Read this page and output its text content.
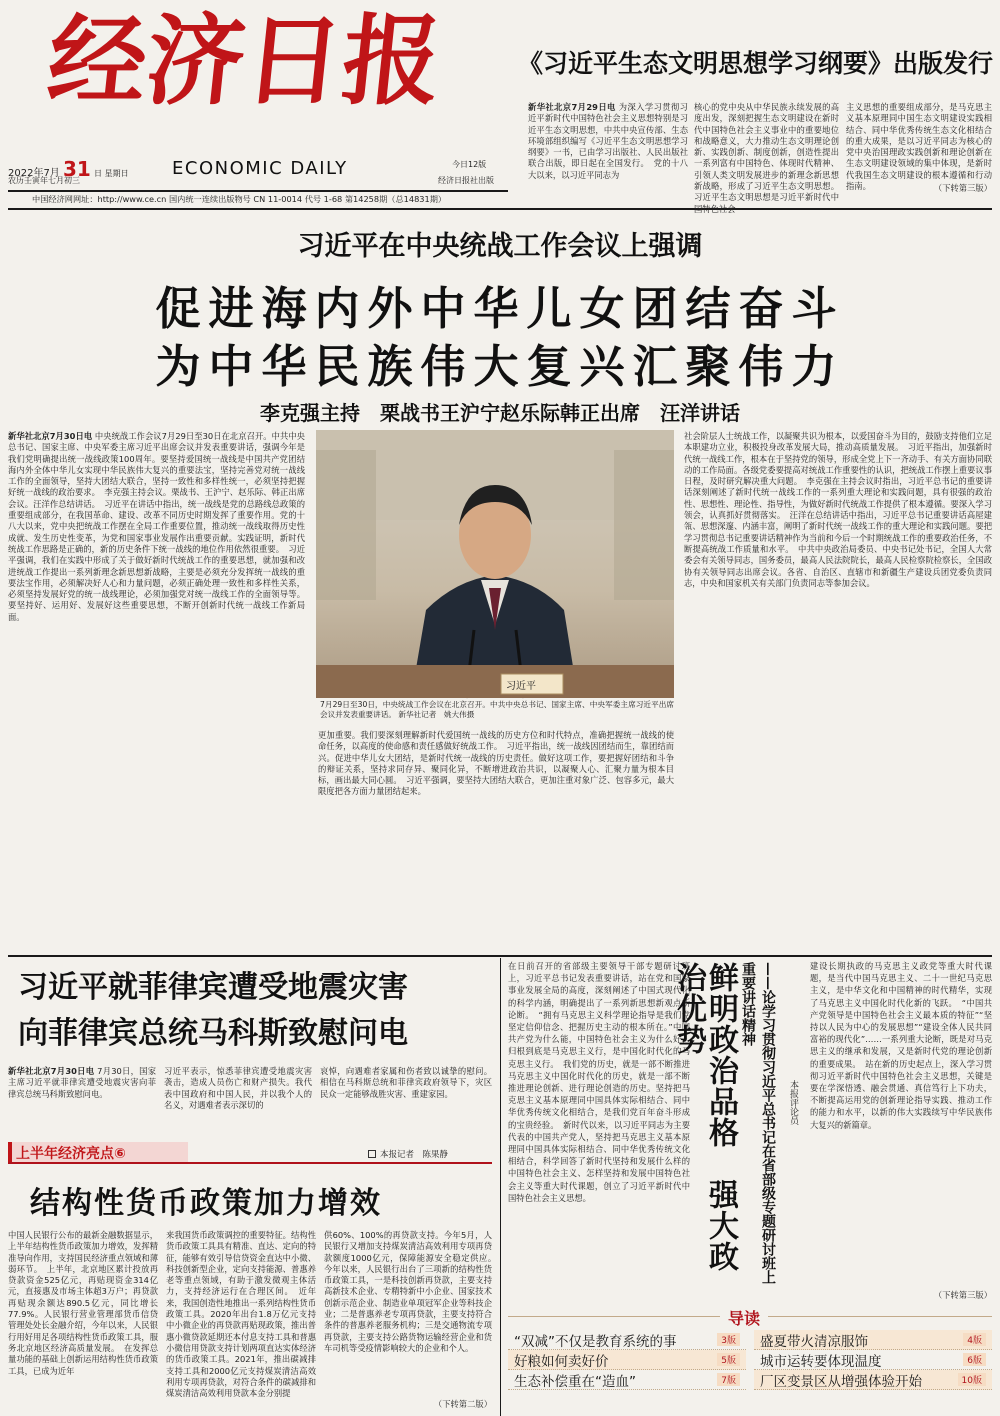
经济日报
ECONOMIC DAILY
2022年7月 31 日 星期日
农历壬寅年七月初三
今日12版
经济日报社出版
中国经济网网址：http://www.ce.cn 国内统一连续出版物号 CN 11-0014 代号 1-68 第14258期（总14831期）
《习近平生态文明思想学习纲要》出版发行
新华社北京7月29日电 为深入学习贯彻习近平新时代中国特色社会主义思想特别是习近平生态文明思想，中共中央宣传部、生态环境部组织编写《习近平生态文明思想学习纲要》一书，已由学习出版社、人民出版社联合出版，即日起在全国发行。　党的十八大以来，以习近平同志为
核心的党中央从中华民族永续发展的高度出发，深刻把握生态文明建设在新时代中国特色社会主义事业中的重要地位和战略意义，大力推动生态文明理论创新、实践创新、制度创新，创造性提出一系列富有中国特色、体现时代精神、引领人类文明发展进步的新理念新思想新战略，形成了习近平生态文明思想。习近平生态文明思想是习近平新时代中国特色社会
主义思想的重要组成部分，是马克思主义基本原理同中国生态文明建设实践相结合、同中华优秀传统生态文化相结合的重大成果，是以习近平同志为核心的党中央治国理政实践创新和理论创新在生态文明建设领域的集中体现，是新时代我国生态文明建设的根本遵循和行动指南。	（下转第三版）
习近平在中央统战工作会议上强调
促进海内外中华儿女团结奋斗
为中华民族伟大复兴汇聚伟力
李克强主持　栗战书王沪宁赵乐际韩正出席　汪洋讲话
新华社北京7月30日电 中央统战工作会议7月29日至30日在北京召开。中共中央总书记、国家主席、中央军委主席习近平出席会议并发表重要讲话，强调今年是我们党明确提出统一战线政策100周年。要坚持爱国统一战线是中国共产党团结海内外全体中华儿女实现中华民族伟大复兴的重要法宝，坚持完善党对统一战线工作的全面领导，坚持大团结大联合，坚持一致性和多样性统一，必须坚持把握好统一战线的政治要求。　李克强主持会议。栗战书、王沪宁、赵乐际、韩正出席会议。汪洋作总结讲话。　习近平在讲话中指出，统一战线是党的总路线总政策的重要组成部分，在我国革命、建设、改革不同历史时期发挥了重要作用。党的十八大以来，党中央把统战工作摆在全局工作重要位置，推动统一战线取得历史性成就、发生历史性变革，为党和国家事业发展作出重要贡献。实践证明，新时代统战工作思路是正确的，新的历史条件下统一战线的地位作用依然很重要。　习近平强调，我们在实践中形成了关于做好新时代统战工作的重要思想，就加强和改进统战工作提出一系列新理念新思想新战略，主要是必须充分发挥统一战线的重要法宝作用，必须解决好人心和力量问题，必须正确处理一致性和多样性关系，必须坚持发展好党的统一战线理论，必须加强党对统一战线工作的全面领导等。要坚持好、运用好、发展好这些重要思想，不断开创新时代统一战线工作新局面。
习近平
7月29日至30日，中央统战工作会议在北京召开。中共中央总书记、国家主席、中央军委主席习近平出席会议并发表重要讲话。 新华社记者　姚大伟摄
更加重要。我们要深刻理解新时代爱国统一战线的历史方位和时代特点，准确把握统一战线的使命任务，以高度的使命感和责任感做好统战工作。　习近平指出，统一战线因团结而生，靠团结而兴。促进中华儿女大团结，是新时代统一战线的历史责任。做好这项工作，要把握好团结和斗争的辩证关系，坚持求同存异、聚同化异，不断增进政治共识，以凝聚人心、汇聚力量为根本目标，画出最大同心圆。　习近平强调，要坚持大团结大联合，更加注重对象广泛、包容多元，最大限度把各方面力量团结起来。
社会阶层人士统战工作，以凝聚共识为根本，以爱国奋斗为目的，鼓励支持他们立足本职建功立业，积极投身改革发展大局，推动高质量发展。　习近平指出，加强新时代统一战线工作，根本在于坚持党的领导，形成全党上下一齐动手、有关方面协同联动的工作局面。各级党委要提高对统战工作重要性的认识，把统战工作摆上重要议事日程，及时研究解决重大问题。　李克强在主持会议时指出，习近平总书记的重要讲话深刻阐述了新时代统一战线工作的一系列重大理论和实践问题，具有很强的政治性、思想性、理论性、指导性，为做好新时代统战工作提供了根本遵循。要深入学习领会，认真抓好贯彻落实。　汪洋在总结讲话中指出，习近平总书记重要讲话高屋建瓴、思想深邃、内涵丰富，阐明了新时代统一战线工作的重大理论和实践问题。要把学习贯彻总书记重要讲话精神作为当前和今后一个时期统战工作的重要政治任务，不断提高统战工作质量和水平。　中共中央政治局委员、中央书记处书记，全国人大常委会有关领导同志，国务委员，最高人民法院院长，最高人民检察院检察长，全国政协有关领导同志出席会议。各省、自治区、直辖市和新疆生产建设兵团党委负责同志，中央和国家机关有关部门负责同志等参加会议。
习近平就菲律宾遭受地震灾害
向菲律宾总统马科斯致慰问电
新华社北京7月30日电 7月30日，国家主席习近平就菲律宾遭受地震灾害向菲律宾总统马科斯致慰问电。
习近平表示，惊悉菲律宾遭受地震灾害袭击，造成人员伤亡和财产损失。我代表中国政府和中国人民，并以我个人的名义，对遇难者表示深切的
哀悼，向遇难者家属和伤者致以诚挚的慰问。相信在马科斯总统和菲律宾政府领导下，灾区民众一定能够战胜灾害、重建家园。
上半年经济亮点⑥	本报记者　陈果静
结构性货币政策加力增效
中国人民银行公布的最新金融数据显示，上半年结构性货币政策加力增效，发挥精准导向作用，支持国民经济重点领域和薄弱环节。　上半年，北京地区累计投放再贷款资金525亿元，再贴现资金314亿元，直接惠及市场主体超3万户；再贷款再贴现余额达890.5亿元，同比增长77.9%。人民银行营业管理部货币信贷管理处处长金融介绍，今年以来，人民银行用好用足各项结构性货币政策工具，服务北京地区经济高质量发展。　在发挥总量功能的基础上创新运用结构性货币政策工具，已成为近年
来我国货币政策调控的重要特征。结构性货币政策工具具有精准、直达、定向的特征，能够有效引导信贷资金直达中小微、科技创新型企业，定向支持能源、普惠养老等重点领域，有助于激发微观主体活力，支持经济运行在合理区间。　近年来，我国创造性地推出一系列结构性货币政策工具。2020年出台1.8万亿元支持中小微企业的再贷款再贴现政策，推出普惠小微贷款延期还本付息支持工具和普惠小微信用贷款支持计划两项直达实体经济的货币政策工具。2021年，推出碳减排支持工具和2000亿元支持煤炭清洁高效利用专项再贷款，对符合条件的碳减排和煤炭清洁高效利用贷款本金分别提
供60%、100%的再贷款支持。今年5月，人民银行又增加支持煤炭清洁高效利用专项再贷款额度1000亿元，保障能源安全稳定供应。　今年以来，人民银行出台了三项新的结构性货币政策工具，一是科技创新再贷款，主要支持高新技术企业、专精特新中小企业、国家技术创新示范企业、制造业单项冠军企业等科技企业；二是普惠养老专项再贷款，主要支持符合条件的普惠养老服务机构；三是交通物流专项再贷款，主要支持公路货物运输经营企业和货车司机等受疫情影响较大的企业和个人。
（下转第二版）
在日前召开的省部级主要领导干部专题研讨班上，习近平总书记发表重要讲话，站在党和国家事业发展全局的高度，深刻阐述了中国式现代化的科学内涵，明确提出了一系列新思想新观点新论断。　“拥有马克思主义科学理论指导是我们党坚定信仰信念、把握历史主动的根本所在。”中国共产党为什么能，中国特色社会主义为什么好，归根到底是马克思主义行，是中国化时代化的马克思主义行。　我们党的历史，就是一部不断推进马克思主义中国化时代化的历史，就是一部不断推进理论创新、进行理论创造的历史。坚持把马克思主义基本原理同中国具体实际相结合、同中华优秀传统文化相结合，是我们党百年奋斗形成的宝贵经验。　新时代以来，以习近平同志为主要代表的中国共产党人，坚持把马克思主义基本原理同中国具体实际相结合、同中华优秀传统文化相结合，科学回答了新时代坚持和发展什么样的中国特色社会主义、怎样坚持和发展中国特色社会主义等重大时代课题，创立了习近平新时代中国特色社会主义思想。	鲜明政治品格　强大政治优势	——论学习贯彻习近平总书记在省部级专题研讨班上重要讲话精神
本报评论员
建设长期执政的马克思主义政党等重大时代课题，是当代中国马克思主义、二十一世纪马克思主义，是中华文化和中国精神的时代精华，实现了马克思主义中国化时代化新的飞跃。　“中国共产党领导是中国特色社会主义最本质的特征”“坚持以人民为中心的发展思想”“建设全体人民共同富裕的现代化”……一系列重大论断，既是对马克思主义的继承和发展，又是新时代党的理论创新的重要成果。　站在新的历史起点上，深入学习贯彻习近平新时代中国特色社会主义思想，关键是要在学深悟透、融会贯通、真信笃行上下功夫，不断提高运用党的创新理论指导实践、推动工作的能力和水平，以新的伟大实践续写中华民族伟大复兴的新篇章。
（下转第三版）
导读
“双减”不仅是教育系统的事	3版
好粮如何卖好价	5版
生态补偿重在“造血”	7版
盛夏带火清凉服饰	4版
城市运转要体现温度	6版
厂区变景区从增强体验开始	10版
